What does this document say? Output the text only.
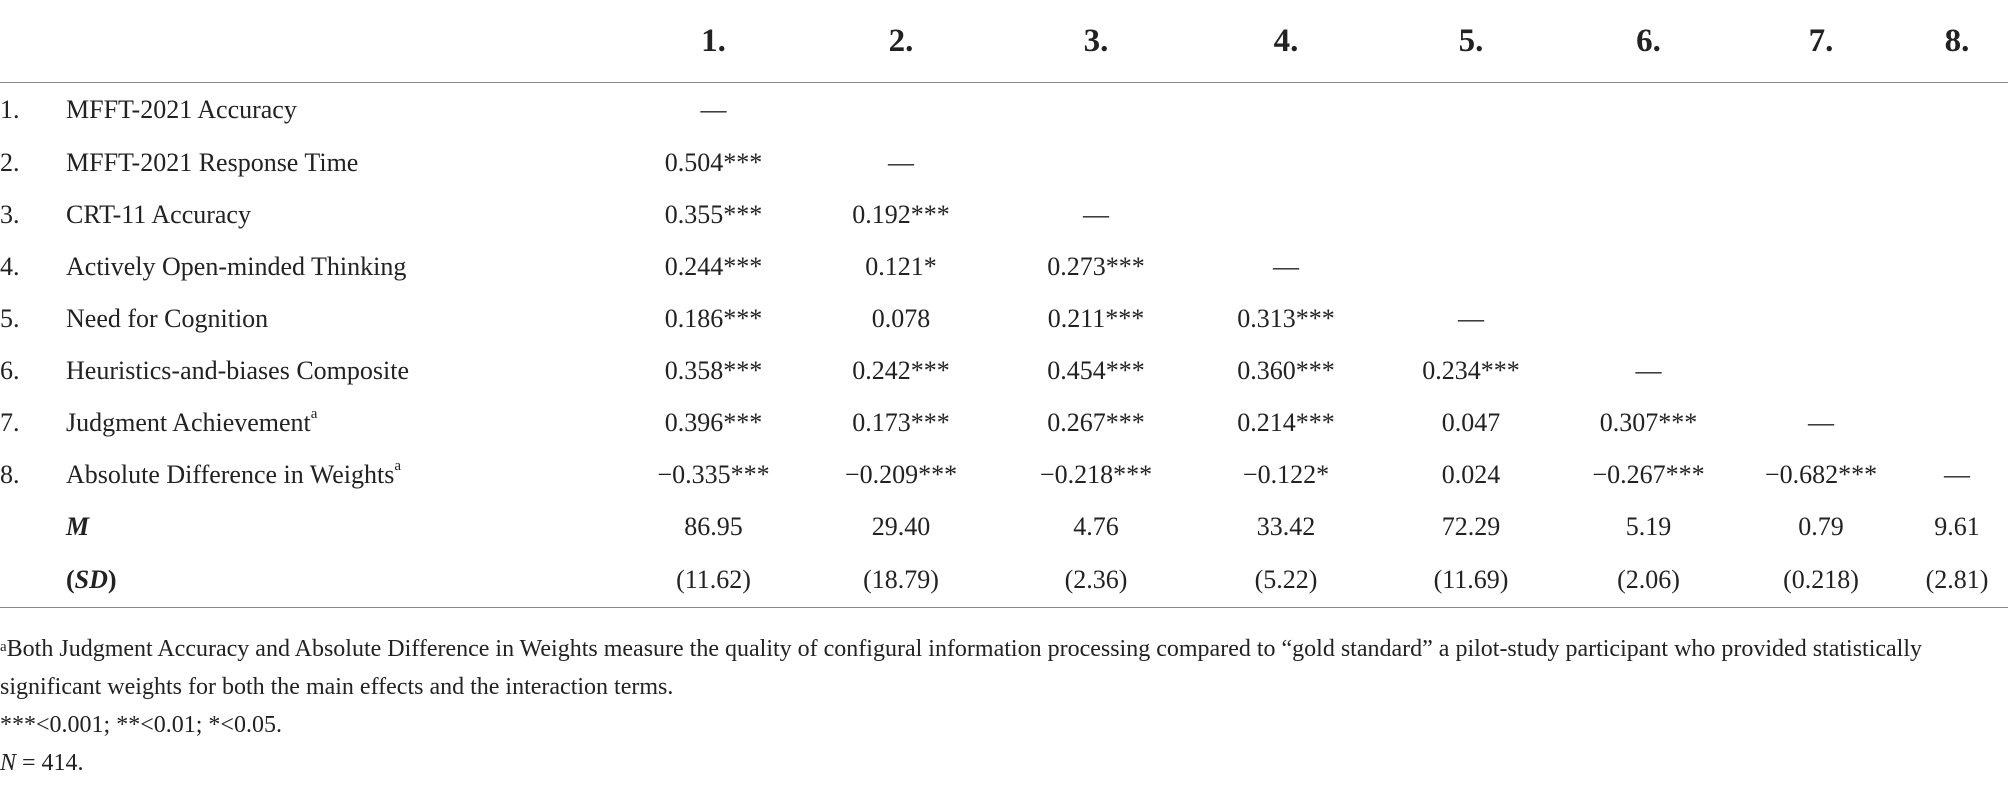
		1.	2.	3.	4.	5.	6.	7.	8.
1.	MFFT-2021 Accuracy	—							
2.	MFFT-2021 Response Time	0.504***	—						
3.	CRT-11 Accuracy	0.355***	0.192***	—					
4.	Actively Open-minded Thinking	0.244***	0.121*	0.273***	—				
5.	Need for Cognition	0.186***	0.078	0.211***	0.313***	—			
6.	Heuristics-and-biases Composite	0.358***	0.242***	0.454***	0.360***	0.234***	—		
7.	Judgment Achievement$^a$	0.396***	0.173***	0.267***	0.214***	0.047	0.307***	—	
8.	Absolute Difference in Weights$^a$	−0.335***	−0.209***	−0.218***	−0.122*	0.024	−0.267***	−0.682***	—
	M	86.95	29.40	4.76	33.42	72.29	5.19	0.79	9.61
	(SD)	(11.62)	(18.79)	(2.36)	(5.22)	(11.69)	(2.06)	(0.218)	(2.81)

$^a$Both Judgment Accuracy and Absolute Difference in Weights measure the quality of configural information processing compared to “gold standard” a pilot-study participant who provided statistically significant weights for both the main effects and the interaction terms.

***<0.001; **<0.01; *<0.05.

N = 414.
